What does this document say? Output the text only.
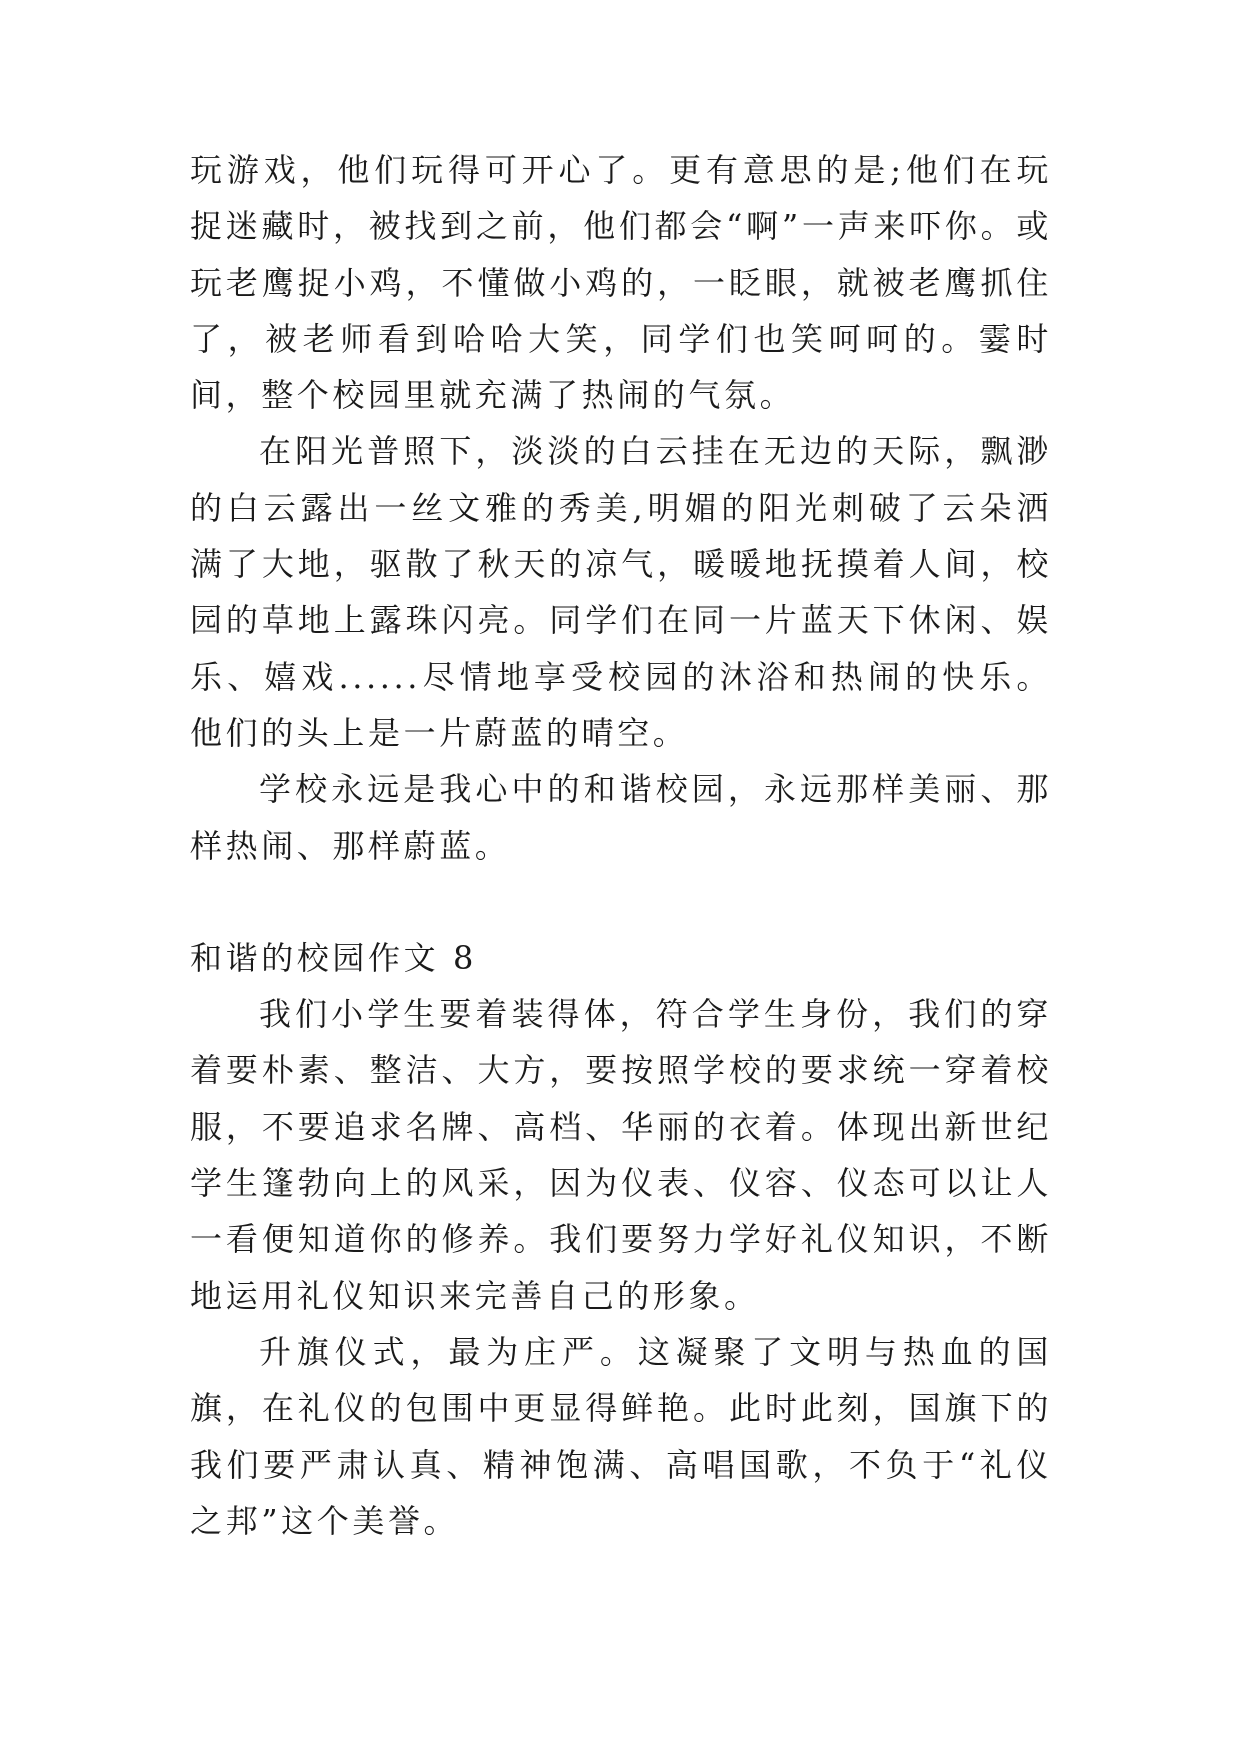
玩游戏，他们玩得可开心了。更有意思的是;他们在玩捉迷藏时，被找到之前，他们都会“啊”一声来吓你。或玩老鹰捉小鸡，不懂做小鸡的，一眨眼，就被老鹰抓住了，被老师看到哈哈大笑，同学们也笑呵呵的。霎时间，整个校园里就充满了热闹的气氛。

在阳光普照下，淡淡的白云挂在无边的天际，飘渺的白云露出一丝文雅的秀美,明媚的阳光刺破了云朵洒满了大地，驱散了秋天的凉气，暖暖地抚摸着人间，校园的草地上露珠闪亮。同学们在同一片蓝天下休闲、娱乐、嬉戏......尽情地享受校园的沐浴和热闹的快乐。他们的头上是一片蔚蓝的晴空。

学校永远是我心中的和谐校园，永远那样美丽、那样热闹、那样蔚蓝。

和谐的校园作文 8

我们小学生要着装得体，符合学生身份，我们的穿着要朴素、整洁、大方，要按照学校的要求统一穿着校服，不要追求名牌、高档、华丽的衣着。体现出新世纪学生篷勃向上的风采，因为仪表、仪容、仪态可以让人一看便知道你的修养。我们要努力学好礼仪知识，不断地运用礼仪知识来完善自己的形象。

升旗仪式，最为庄严。这凝聚了文明与热血的国旗，在礼仪的包围中更显得鲜艳。此时此刻，国旗下的我们要严肃认真、精神饱满、高唱国歌，不负于“礼仪之邦”这个美誉。
